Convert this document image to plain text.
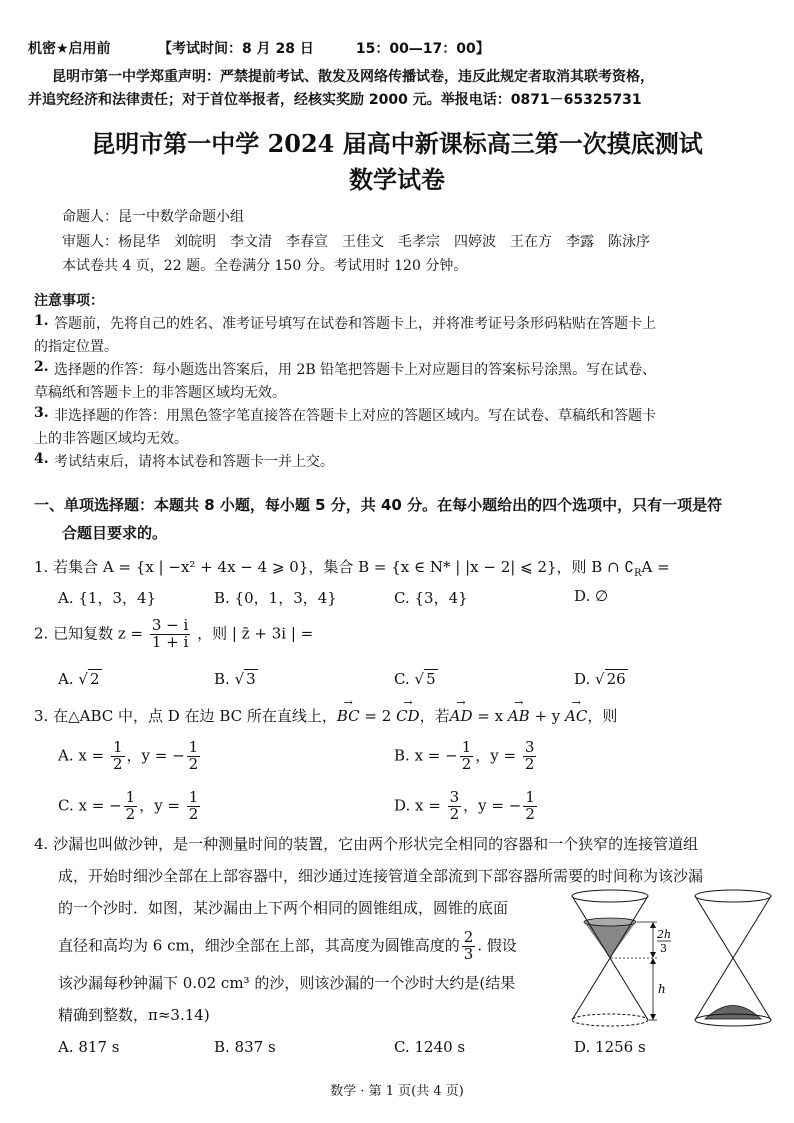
机密★启用前	【考试时间：8 月 28 日　　　15：00—17：00】
昆明市第一中学郑重声明：严禁提前考试、散发及网络传播试卷，违反此规定者取消其联考资格，
并追究经济和法律责任；对于首位举报者，经核实奖励 2000 元。举报电话：0871－65325731
昆明市第一中学 2024 届高中新课标高三第一次摸底测试
数学试卷
命题人：昆一中数学命题小组
审题人：杨昆华　刘皖明　李文清　李春宣　王佳文　毛孝宗　四婷波　王在方　李露　陈泳序
本试卷共 4 页，22 题。全卷满分 150 分。考试用时 120 分钟。
注意事项：
1. 答题前，先将自己的姓名、准考证号填写在试卷和答题卡上，并将准考证号条形码粘贴在答题卡上
的指定位置。
2. 选择题的作答：每小题选出答案后，用 2B 铅笔把答题卡上对应题目的答案标号涂黑。写在试卷、
草稿纸和答题卡上的非答题区域均无效。
3. 非选择题的作答：用黑色签字笔直接答在答题卡上对应的答题区域内。写在试卷、草稿纸和答题卡
上的非答题区域均无效。
4. 考试结束后，请将本试卷和答题卡一并上交。
一、单项选择题：本题共 8 小题，每小题 5 分，共 40 分。在每小题给出的四个选项中，只有一项是符
合题目要求的。
1. 若集合 A = {x | −x² + 4x − 4 ⩾ 0}，集合 B = {x ∈ N* | |x − 2| ⩽ 2}，则 B ∩ $∁_RA$ =
A. {1，3，4}	B. {0，1，3，4}	C. {3，4}	D. ∅
2. 已知复数 $z = \frac{3 - i}{1 + i}$ ，则 | z̄ + 3i | =
A. √ 2	B. √ 3	C. √ 5	D. √ 26
3. 在△ABC 中，点 D 在边 BC 所在直线上，→ BC = 2 → CD，若→ AD = x → AB + y → AC，则
A. $x = \frac{1}{2}$ ，y = − $\frac{1}{2}$	B. x = − $\frac{1}{2}$ ，$y = \frac{3}{2}$
C. x = − $\frac{1}{2}$ ，$y = \frac{1}{2}$	D. $x = \frac{3}{2}$ ，y = − $\frac{1}{2}$
4. 沙漏也叫做沙钟，是一种测量时间的装置，它由两个形状完全相同的容器和一个狭窄的连接管道组
成，开始时细沙全部在上部容器中，细沙通过连接管道全部流到下部容器所需要的时间称为该沙漏
的一个沙时．如图，某沙漏由上下两个相同的圆锥组成，圆锥的底面
直径和高均为 6 cm，细沙全部在上部，其高度为圆锥高度的 $\frac{2}{3}$ . 假设
该沙漏每秒钟漏下 0.02 cm³ 的沙，则该沙漏的一个沙时大约是(结果
精确到整数，π≈3.14)
2h
3
h
A. 817 s	B. 837 s	C. 1240 s	D. 1256 s
数学 · 第 1 页(共 4 页)
